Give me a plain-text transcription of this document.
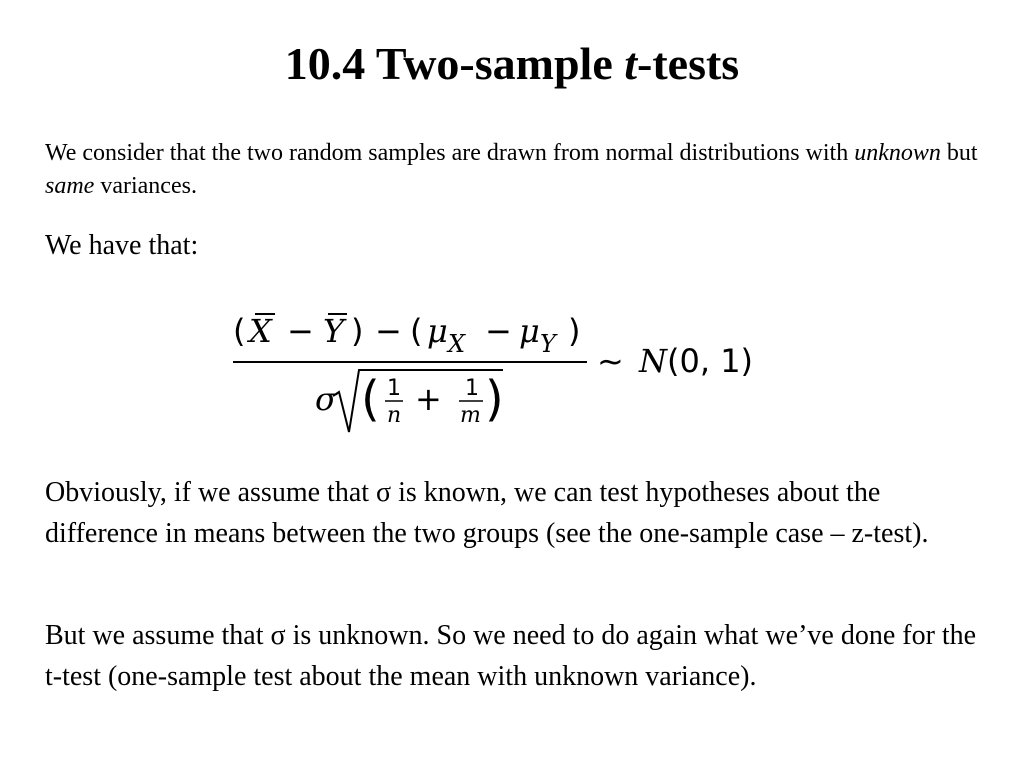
10.4 Two-sample t-tests
We consider that the two random samples are drawn from normal distributions with unknown but same variances.
We have that:
( X − Y ) − ( μ X − μ Y )
σ ( 1
n + 1
m )
~ N (0, 1)
Obviously, if we assume that σ is known, we can test hypotheses about the difference in means between the two groups (see the one-sample case – z-test).
But we assume that σ is unknown. So we need to do again what we’ve done for the t-test (one-sample test about the mean with unknown variance).
